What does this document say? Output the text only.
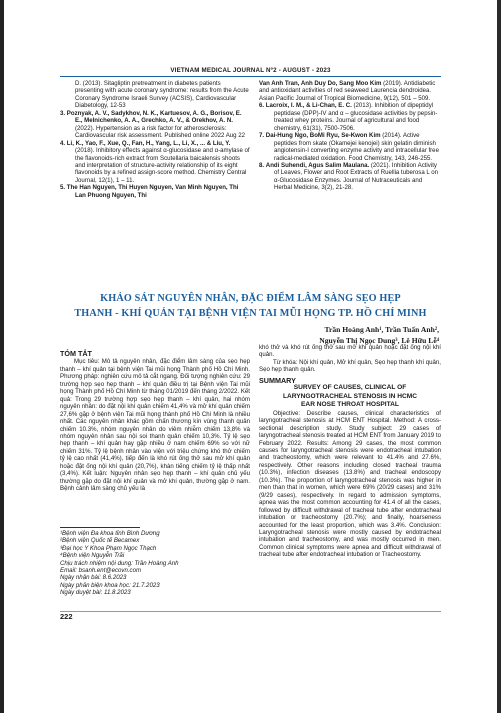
VIETNAM MEDICAL JOURNAL Nº2 - AUGUST - 2023
D. (2013). Sitagliptin pretreatment in diabetes patients presenting with acute coronary syndrome: results from the Acute Coronary Syndrome Israeli Survey (ACSIS), Cardiovascular Diabetology, 12-53
3. Poznyak, A. V., Sadykhov, N. K., Kartuesov, A. G., Borisov, E. E., Melnichenko, A. A., Grechko, A. V., & Orekhov, A. N. (2022). Hypertension as a risk factor for atherosclerosis: Cardiovascular risk assessment. Published online 2022 Aug 22
4. Li, K., Yao, F., Xue, Q., Fan, H., Yang, L., Li, X., ... & Liu, Y. (2018). Inhibitory effects against α-glucosidase and α-amylase of the flavonoids-rich extract from Scutellaria baicalensis shoots and interpretation of structure-activity relationship of its eight flavonoids by a refined assign-score method. Chemistry Central Journal, 12(1), 1 – 11.
5. The Han Nguyen, Thi Huyen Nguyen, Van Minh Nguyen, Thi Lan Phuong Nguyen, Thi
Van Anh Tran, Anh Duy Do, Sang Moo Kim (2019). Antidiabetic and antioxidant activities of red seaweed Laurencia dendroidea. Asian Pacific Journal of Tropical Biomedicine, 9(12), 501 – 509.
6. Lacroix, I. M., & Li-Chan, E. C. (2013). Inhibition of dipeptidyl peptidase (DPP)-IV and α – glucosidase activities by pepsin-treated whey proteins. Journal of agricultural and food chemistry, 61(31), 7500-7506.
7. Dai-Hung Ngo, BoMi Ryu, Se-Kwon Kim (2014). Active peptides from skate (Okamejei kenojei) skin gelatin diminish angiotensin-I converting enzyme activity and intracellular free radical-mediated oxidation. Food Chemistry, 143, 246-255.
8. Andi Suhendi, Agus Salim Maulana. (2021). Inhibition Activity of Leaves, Flower and Root Extracts of Ruellia tuberosa L on α-Glucosidase Enzymes. Journal of Nutraceuticals and Herbal Medicine, 3(2), 21-28.
KHẢO SÁT NGUYÊN NHÂN, ĐẶC ĐIỂM LÂM SÀNG SẸO HẸP
THANH - KHÍ QUẢN TẠI BỆNH VIỆN TAI MŨI HỌNG TP. HỒ CHÍ MINH
Trần Hoàng Anh¹, Trần Tuấn Anh²,
Nguyễn Thị Ngọc Dung³, Lê Hữu Lễ⁴
TÓM TẮT
Mục tiêu: Mô tả nguyên nhân, đặc điểm lâm sàng của sẹo hẹp thanh – khí quản tại bệnh viện Tai mũi họng Thành phố Hồ Chí Minh. Phương pháp: nghiên cứu mô tả cắt ngang. Đối tượng nghiên cứu: 29 trường hợp sẹo hẹp thanh – khí quản điều trị tại Bệnh viện Tai mũi họng Thành phố Hồ Chí Minh từ tháng 01/2019 đến tháng 2/2022. Kết quả: Trong 29 trường hợp sẹo hẹp thanh – khí quản, hai nhóm nguyên nhân: do đặt nội khí quản chiếm 41,4% và mở khí quản chiếm 27,6% gặp ở bệnh viện Tai mũi họng thành phố Hồ Chí Minh là nhiều nhất. Các nguyên nhân khác gồm chấn thương kín vùng thanh quản chiếm 10.3%, nhóm nguyên nhân do viêm nhiễm chiếm 13,8% và nhóm nguyên nhân sau nội soi thanh quản chiếm 10,3%. Tỷ lệ sẹo hẹp thanh – khí quản hay gặp nhiều ở nam chiếm 69% so với nữ chiếm 31%. Tỷ lệ bệnh nhân vào viện với triệu chứng khó thở chiếm tỷ lệ cao nhất (41,4%), tiếp đến là khó rút ống thở sau mở khí quản hoặc đặt ống nội khí quản (20,7%), khàn tiếng chiếm tỷ lệ thấp nhất (3,4%). Kết luận: Nguyên nhân sẹo hẹp thanh – khí quản chủ yếu thường gặp do đặt nội khí quản và mở khí quản, thường gặp ở nam. Bệnh cảnh lâm sàng chủ yếu là
khó thở và khó rút ống thở sau mở khí quản hoặc đặt ống nội khí quản.
Từ khóa: Nội khí quản, Mở khí quản, Sẹo hẹp thanh khí quản, Sẹo hẹp thanh quản.
SUMMARY
SURVEY OF CAUSES, CLINICAL OF LARYNGOTRACHEAL STENOSIS IN HCMC EAR NOSE THROAT HOSPITAL
Objective: Describe causes, clinical characteristics of laryngotracheal stenosis at HCM ENT Hospital. Method: A cross-sectional description study. Study subject: 29 cases of laryngotracheal stenosis treated at HCM ENT from January 2019 to February 2022. Results: Among 29 cases, the most common causes for laryngotracheal stenosis were endotracheal intubation and tracheostomy, which were relevant to 41.4% and 27.6%, respectively. Other reasons including closed tracheal trauma (10.3%), infection diseases (13.8%) and tracheal endoscopy (10.3%). The proportion of laryngotracheal stenosis was higher in men than that in women, which were 69% (20/29 cases) and 31% (9/29 cases), respectively. In regard to admission symptoms, apnea was the most common accounting for 41.4 of all the cases, followed by difficult withdrawal of tracheal tube after endotracheal intubation or tracheostomy (20.7%); and finally, hoarseness accounted for the least proportion, which was 3.4%. Conclusion: Laryngotracheal stenosis were mostly caused by endotracheal intubation and tracheostomy, and was mostly occurred in men. Common clinical symptoms were apnea and difficult withdrawal of tracheal tube after endotracheal intubation or Tracheostomy.
¹Bệnh viện Đa khoa tỉnh Bình Dương
²Bệnh viện Quốc tế Becamex
³Đại học Y Khoa Phạm Ngọc Thạch
⁴Bệnh viện Nguyễn Trãi
Chịu trách nhiệm nội dung: Trần Hoàng Anh
Email: bsanh.ent@ecovn.com
Ngày nhận bài: 8.6.2023
Ngày phản biện khoa học: 21.7.2023
Ngày duyệt bài: 11.8.2023
222
